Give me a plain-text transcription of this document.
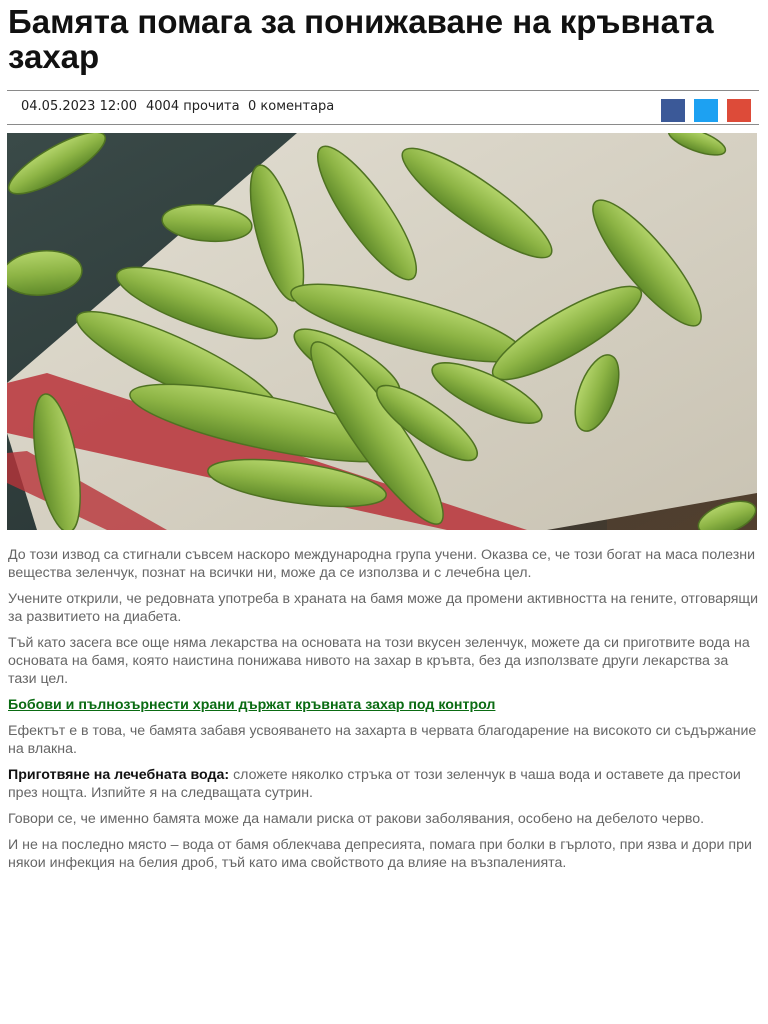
Бамята помага за понижаване на кръвната захар
04.05.2023 12:00 4004 прочита 0 коментара

До този извод са стигнали съвсем наскоро международна група учени. Оказва се, че този богат на маса полезни вещества зеленчук, познат на всички ни, може да се използва и с лечебна цел.

Учените открили, че редовната употреба в храната на бамя може да промени активността на гените, отговарящи за развитието на диабета.

Тъй като засега все още няма лекарства на основата на този вкусен зеленчук, можете да си приготвите вода на основата на бамя, която наистина понижава нивото на захар в кръвта, без да използвате други лекарства за тази цел.

Бобови и пълнозърнести храни държат кръвната захар под контрол

Ефектът е в това, че бамята забавя усвояването на захарта в червата благодарение на високото си съдържание на влакна.

Приготвяне на лечебната вода: сложете няколко стръка от този зеленчук в чаша вода и оставете да престои през нощта. Изпийте я на следващата сутрин.

Говори се, че именно бамята може да намали риска от ракови заболявания, особено на дебелото черво.

И не на последно място – вода от бамя облекчава депресията, помага при болки в гърлото, при язва и дори при някои инфекция на белия дроб, тъй като има свойството да влияе на възпаленията.
